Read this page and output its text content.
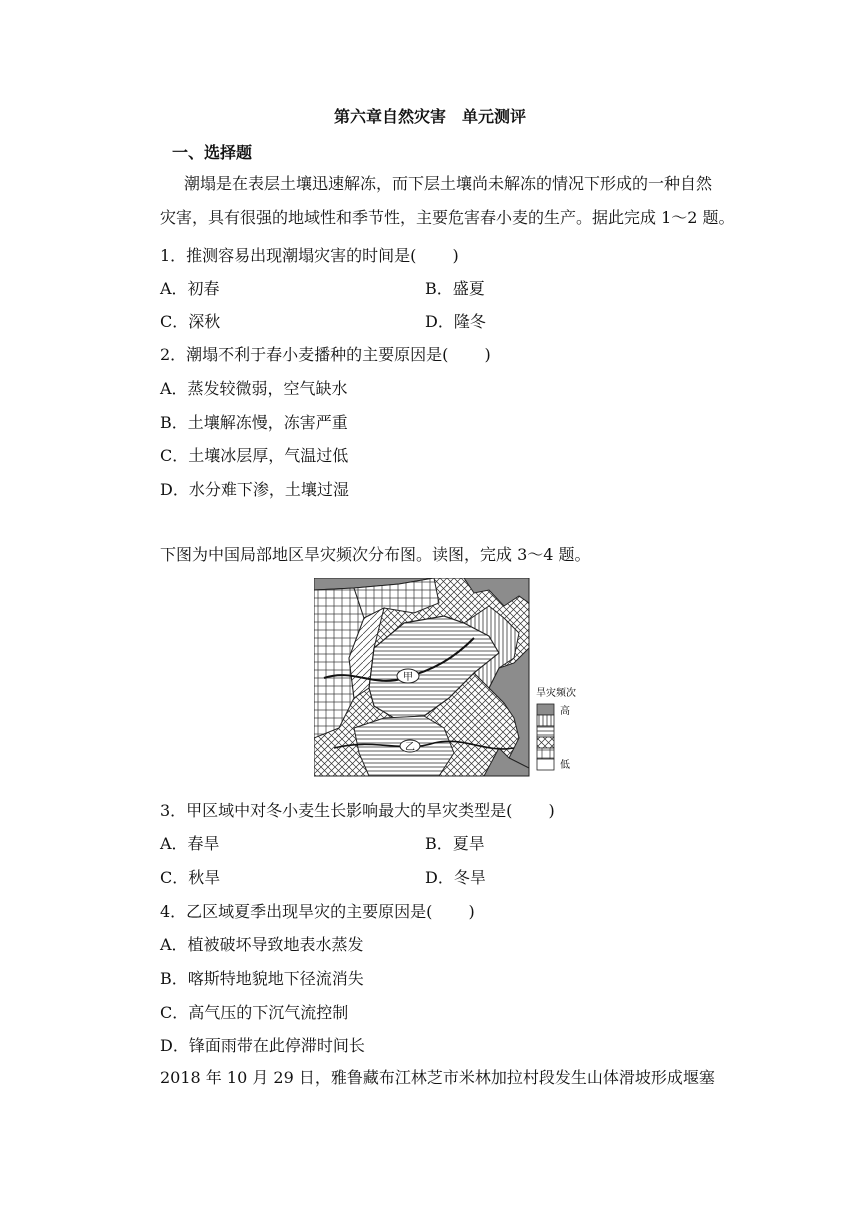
第六章自然灾害　单元测评
一、选择题
潮塌是在表层土壤迅速解冻，而下层土壤尚未解冻的情况下形成的一种自然
灾害，具有很强的地域性和季节性，主要危害春小麦的生产。据此完成 1～2 题。
1．推测容易出现潮塌灾害的时间是( )
A．初春	B．盛夏
C．深秋	D．隆冬
2．潮塌不利于春小麦播种的主要原因是( )
A．蒸发较微弱，空气缺水
B．土壤解冻慢，冻害严重
C．土壤冰层厚，气温过低
D．水分难下渗，土壤过湿
下图为中国局部地区旱灾频次分布图。读图，完成 3～4 题。
甲
乙
旱灾频次
高
低
3．甲区域中对冬小麦生长影响最大的旱灾类型是( )
A．春旱	B．夏旱
C．秋旱	D．冬旱
4．乙区域夏季出现旱灾的主要原因是( )
A．植被破坏导致地表水蒸发
B．喀斯特地貌地下径流消失
C．高气压的下沉气流控制
D．锋面雨带在此停滞时间长
2018 年 10 月 29 日，雅鲁藏布江林芝市米林加拉村段发生山体滑坡形成堰塞
